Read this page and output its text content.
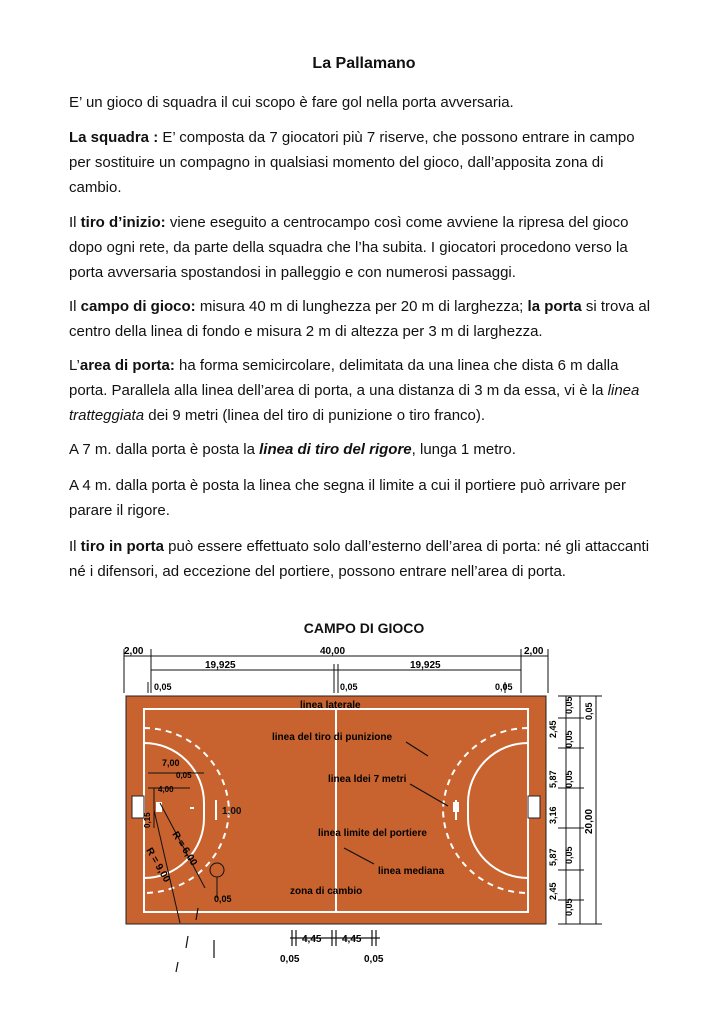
La Pallamano

E’ un gioco di squadra il cui scopo è fare gol nella porta avversaria.

La squadra : E’ composta da 7 giocatori più 7 riserve, che possono entrare in campo per sostituire un compagno in qualsiasi momento del gioco, dall’apposita zona di cambio.

Il tiro d’inizio: viene eseguito a centrocampo così come avviene la ripresa del gioco dopo ogni rete, da parte della squadra che l’ha subita. I giocatori procedono verso la porta avversaria spostandosi in palleggio e con numerosi passaggi.

Il campo di gioco: misura 40 m di lunghezza per 20 m di larghezza; la porta si trova al centro della linea di fondo e misura 2 m di altezza per 3 m di larghezza.

L’area di porta: ha forma semicircolare, delimitata da una linea che dista 6 m dalla porta. Parallela alla linea dell’area di porta, a una distanza di 3 m da essa, vi è la linea tratteggiata dei 9 metri (linea del tiro di punizione o tiro franco).

A 7 m. dalla porta è posta la linea di tiro del rigore, lunga 1 metro.

A 4 m. dalla porta è posta la linea che segna il limite a cui il portiere può arrivare per parare il rigore.

Il tiro in porta può essere effettuato solo dall’esterno dell’area di porta: né gli attaccanti né i difensori, ad eccezione del portiere, possono entrare nell’area di porta.

CAMPO DI GIOCO
2,00	40,00	2,00
19,925	19,925
0,05	0,05	0,05
7,00
0,05
4,00
0,15
1,00
R = 6,00
R = 9,00
0,05
linea laterale
linea del tiro di punizione
linea ldei 7 metri
linea limite del portiere
linea mediana
zona di cambio
4,45 4,45
0,05	0,05
0,05
2,45
0,05
5,87 0,05
3,16
5,87 0,05
2,45
0,05
20,00
0,05
